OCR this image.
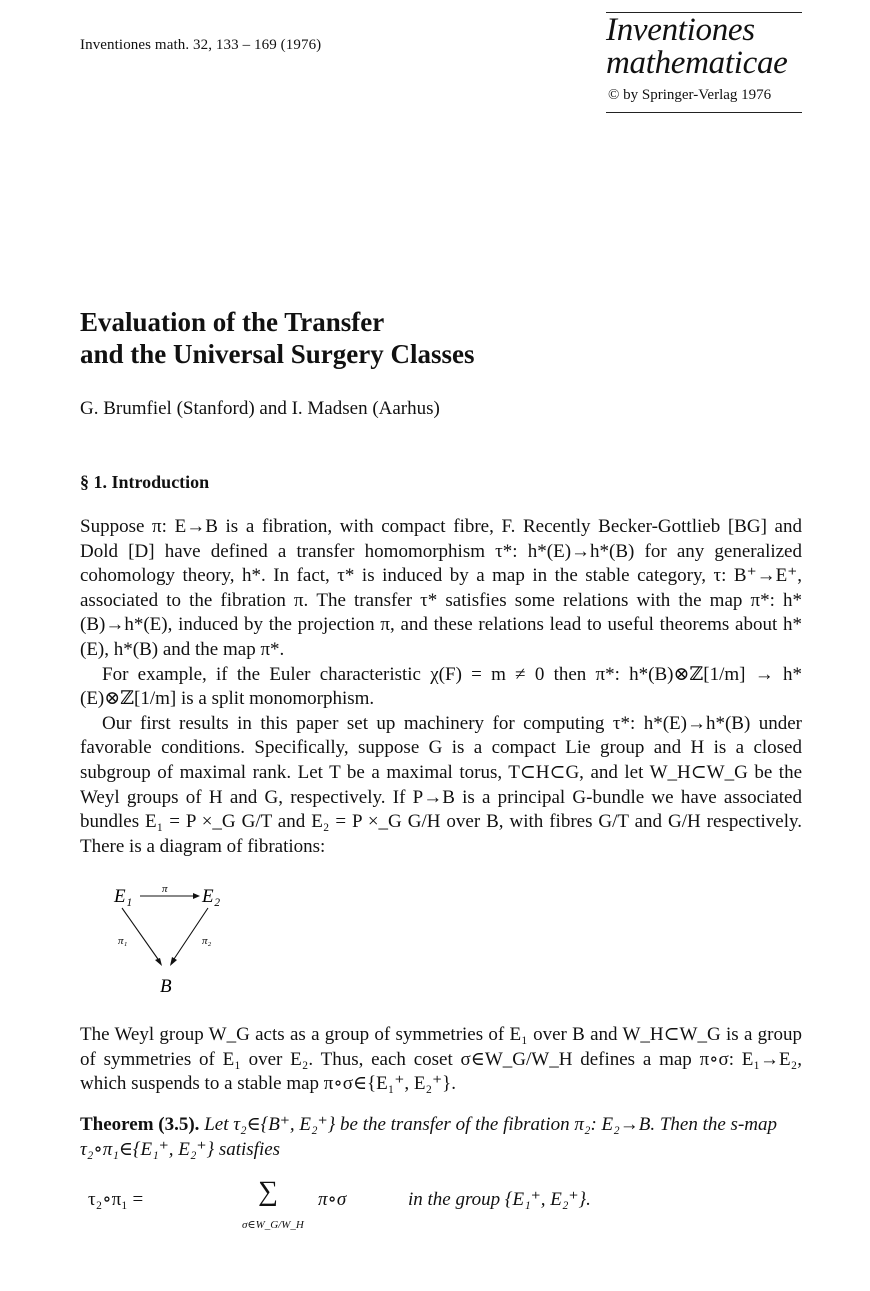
Inventiones math. 32, 133 – 169 (1976)	Inventiones
mathematicae
© by Springer-Verlag 1976
Evaluation of the Transfer
and the Universal Surgery Classes
G. Brumfiel (Stanford) and I. Madsen (Aarhus)
§ 1. Introduction

Suppose π: E→B is a fibration, with compact fibre, F. Recently Becker-Gottlieb [BG] and Dold [D] have defined a transfer homomorphism τ*: h*(E)→h*(B) for any generalized cohomology theory, h*. In fact, τ* is induced by a map in the stable category, τ: B⁺→E⁺, associated to the fibration π. The transfer τ* satisfies some relations with the map π*: h*(B)→h*(E), induced by the projection π, and these relations lead to useful theorems about h*(E), h*(B) and the map π*.

For example, if the Euler characteristic χ(F) = m ≠ 0 then π*: h*(B)⊗ℤ[1/m] → h*(E)⊗ℤ[1/m] is a split monomorphism.

Our first results in this paper set up machinery for computing τ*: h*(E)→h*(B) under favorable conditions. Specifically, suppose G is a compact Lie group and H is a closed subgroup of maximal rank. Let T be a maximal torus, T⊂H⊂G, and let W_H⊂W_G be the Weyl groups of H and G, respectively. If P→B is a principal G-bundle we have associated bundles E₁ = P ×_G G/T and E₂ = P ×_G G/H over B, with fibres G/T and G/H respectively. There is a diagram of fibrations:

E₁	π E₂
π₁	π₂
B

The Weyl group W_G acts as a group of symmetries of E₁ over B and W_H⊂W_G is a group of symmetries of E₁ over E₂. Thus, each coset σ∈W_G/W_H defines a map π∘σ: E₁→E₂, which suspends to a stable map π∘σ∈{E₁⁺, E₂⁺}.

Theorem (3.5). Let τ₂∈{B⁺, E₂⁺} be the transfer of the fibration π₂: E₂→B. Then the s-map τ₂∘π₁∈{E₁⁺, E₂⁺} satisfies
τ₂∘π₁ =	∑
σ∈W_G/W_H
π∘σ	in the group {E₁⁺, E₂⁺}.
